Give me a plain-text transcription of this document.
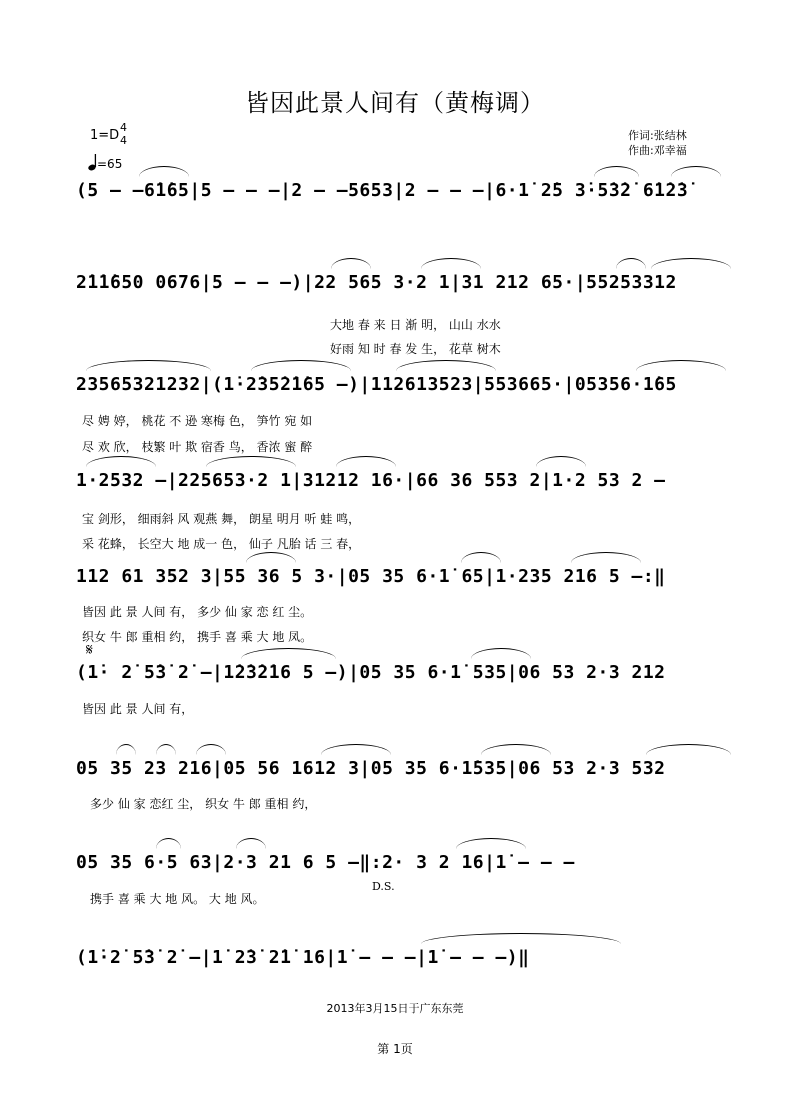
皆因此景人间有（黄梅调）
1=D
4
4
=65
作词:张结林
作曲:邓幸福
(5 – –6̇1̇65|5 – – –|2 – –5653|2 – – –|6·1̇ 2̇5 3̇·5̇3̇2̇ 6̇1̇2̇3̇
2̇1̇1̇650 0676|5 – – –)|22 565 3·2 1|31 212 65·|55253312
大地 春 来 日 渐 明， 山山 水水
好雨 知 时 春 发 生， 花草 树木
23565321232|(1̇·2̇35̇2̇1̇65 –)|112613523|553665·|05356·1̇65
尽 娉 婷， 桃花 不 逊 寒梅 色， 笋竹 宛 如
尽 欢 欣， 枝繁 叶 欺 宿香 鸟， 香浓 蜜 醉
1·2532 –|225653·2 1|31212 16·|66 36 553 2|1·2 53 2 –
宝 剑形， 细雨斜 风 观燕 舞， 朗星 明月 听 蛙 鸣，
采 花蜂， 长空大 地 成一 色， 仙子 凡胎 话 三 春，
112 61 352 3|55 36 5 3·|05 35 6·1̇ 65|1·235 216 5 –:‖
皆因 此 景 人间 有， 多少 仙 家 恋 红 尘。
织女 牛 郎 重相 约， 携手 喜 乘 大 地 凤。
𝄋
(1̇· 2̇ 5̇3̇ 2̇ –|1̇2̇3̇2̇16 5 –)|05 35 6·1̇ 535|06 53 2·3 212
皆因 此 景 人间 有，
05 35 23 216|05 56 1612 3|05 35 6·1̇535|06 53 2·3 532
多少 仙 家 恋红 尘， 织女 牛 郎 重相 约，
05 35 6·5 63|2·3 21 6 5 –‖:2· 3 2 16|1̇ – – –
D.S.
携手 喜 乘 大 地 风。 大 地 风。
(1̇·2̇ 5̇3̇ 2̇ –|1̇ 2̇3̇ 2̇1̇ 16|1̇ – – –|1̇ – – –)‖
2013年3月15日于广东东莞
第 1页
